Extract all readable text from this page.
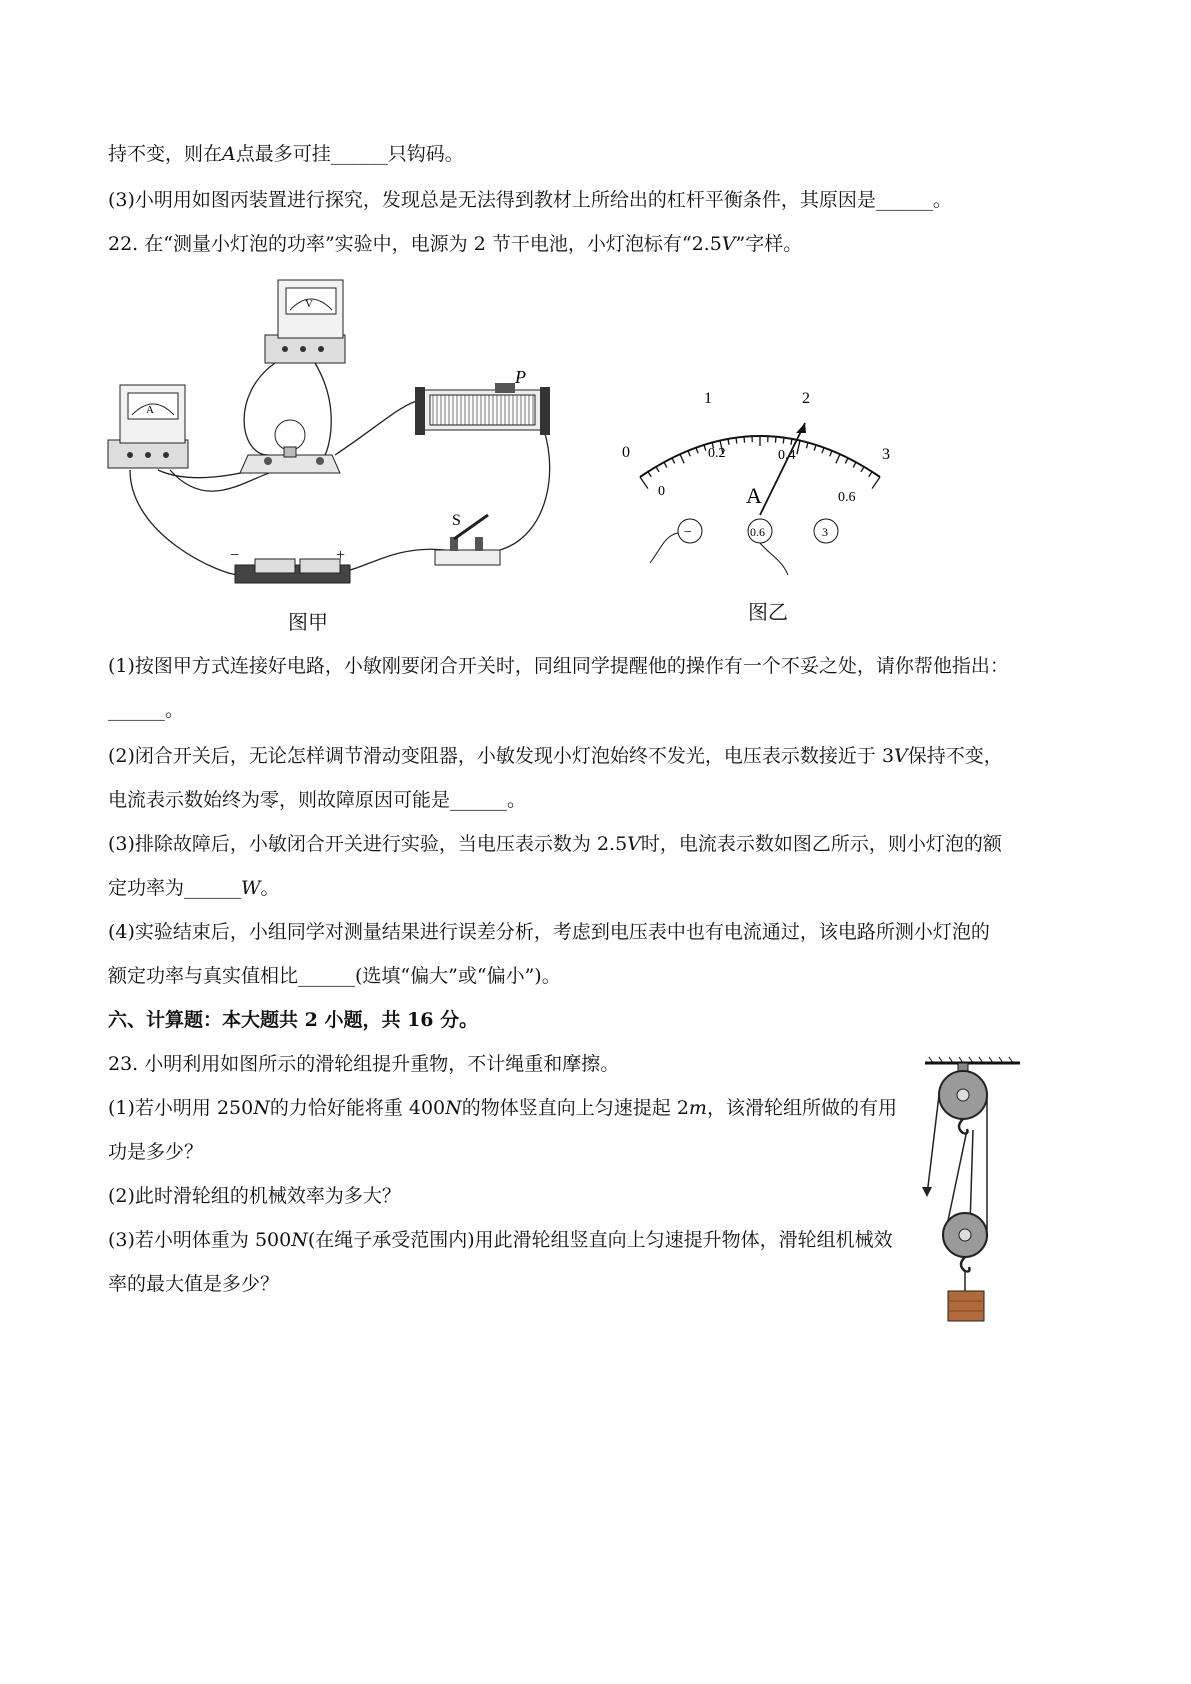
持不变，则在A点最多可挂______只钩码。
(3)小明用如图丙装置进行探究，发现总是无法得到教材上所给出的杠杆平衡条件，其原因是______。
22. 在“测量小灯泡的功率”实验中，电源为 2 节干电池，小灯泡标有“2.5V”字样。
A
V
P
−	+
S
图甲
0
1	2
3
0
0.2	0.4
0.6
A
−	0.6	3
图乙
(1)按图甲方式连接好电路，小敏刚要闭合开关时，同组同学提醒他的操作有一个不妥之处，请你帮他指出：
______。
(2)闭合开关后，无论怎样调节滑动变阻器，小敏发现小灯泡始终不发光，电压表示数接近于 3V保持不变，
电流表示数始终为零，则故障原因可能是______。
(3)排除故障后，小敏闭合开关进行实验，当电压表示数为 2.5V时，电流表示数如图乙所示，则小灯泡的额
定功率为______W。
(4)实验结束后，小组同学对测量结果进行误差分析，考虑到电压表中也有电流通过，该电路所测小灯泡的
额定功率与真实值相比______(选填“偏大”或“偏小”)。
六、计算题：本大题共 2 小题，共 16 分。
23. 小明利用如图所示的滑轮组提升重物，不计绳重和摩擦。
(1)若小明用 250N的力恰好能将重 400N的物体竖直向上匀速提起 2m，该滑轮组所做的有用
功是多少？
(2)此时滑轮组的机械效率为多大？
(3)若小明体重为 500N(在绳子承受范围内)用此滑轮组竖直向上匀速提升物体，滑轮组机械效
率的最大值是多少？
